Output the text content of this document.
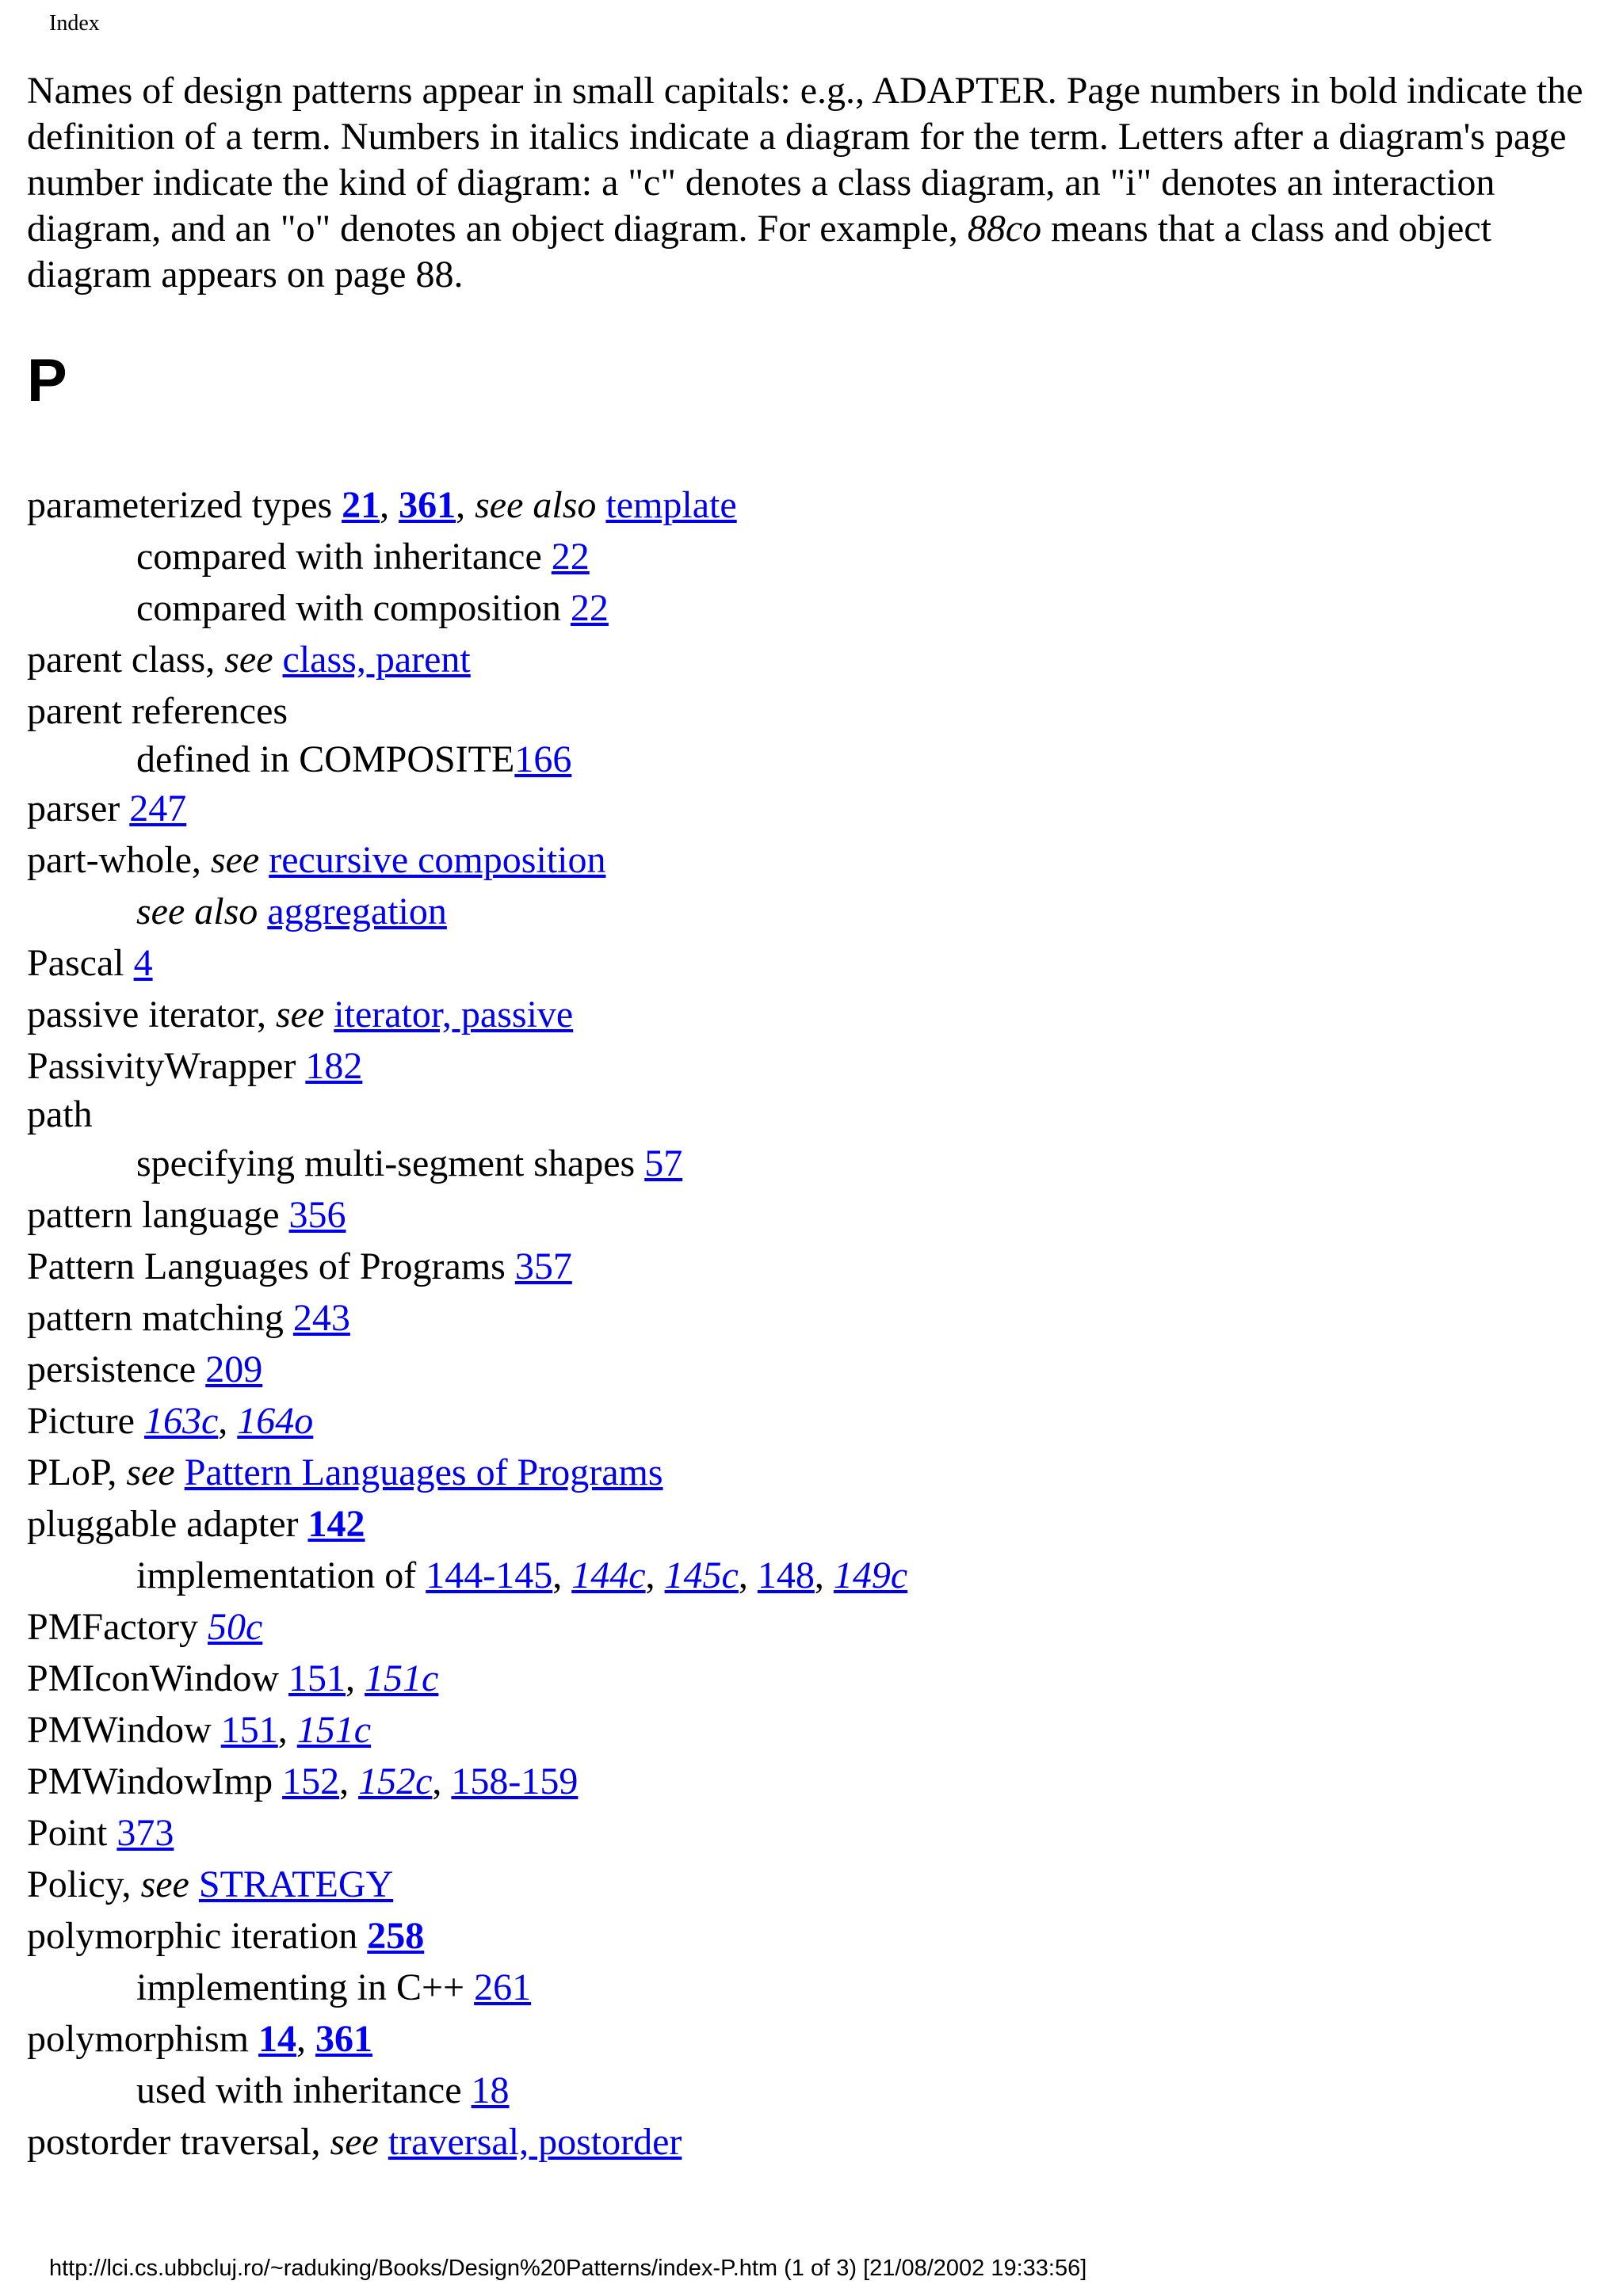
Index

Names of design patterns appear in small capitals: e.g., ADAPTER. Page numbers in bold indicate the definition of a term. Numbers in italics indicate a diagram for the term. Letters after a diagram's page number indicate the kind of diagram: a "c" denotes a class diagram, an "i" denotes an interaction diagram, and an "o" denotes an object diagram. For example, 88co means that a class and object diagram appears on page 88.

P
parameterized types 21, 361, see also template
compared with inheritance 22
compared with composition 22
parent class, see class, parent
parent references
defined in COMPOSITE166
parser 247
part-whole, see recursive composition
see also aggregation
Pascal 4
passive iterator, see iterator, passive
PassivityWrapper 182
path
specifying multi-segment shapes 57
pattern language 356
Pattern Languages of Programs 357
pattern matching 243
persistence 209
Picture 163c, 164o
PLoP, see Pattern Languages of Programs
pluggable adapter 142
implementation of 144-145, 144c, 145c, 148, 149c
PMFactory 50c
PMIconWindow 151, 151c
PMWindow 151, 151c
PMWindowImp 152, 152c, 158-159
Point 373
Policy, see STRATEGY
polymorphic iteration 258
implementing in C++ 261
polymorphism 14, 361
used with inheritance 18
postorder traversal, see traversal, postorder
http://lci.cs.ubbcluj.ro/~raduking/Books/Design%20Patterns/index-P.htm (1 of 3) [21/08/2002 19:33:56]
